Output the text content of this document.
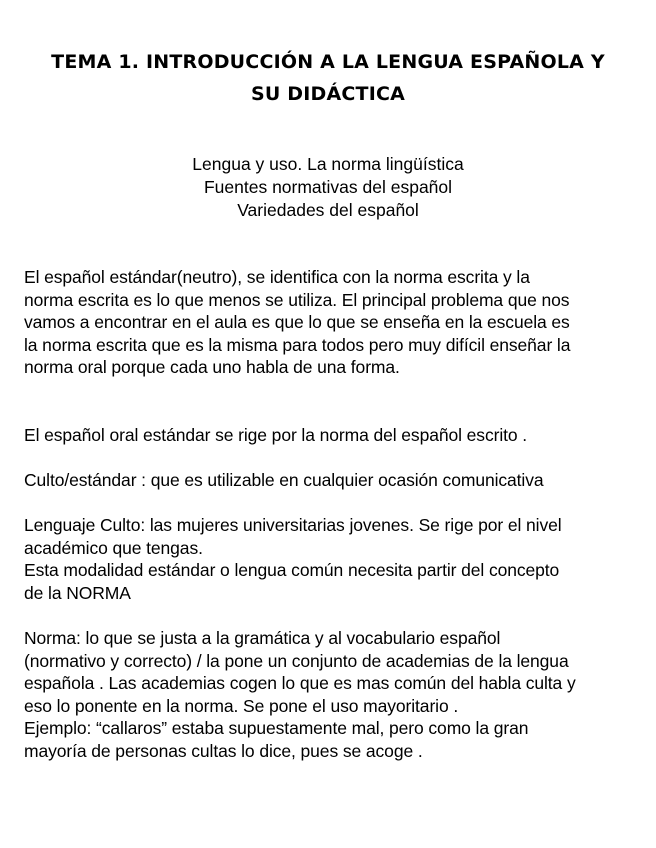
TEMA 1. INTRODUCCIÓN A LA LENGUA ESPAÑOLA Y
SU DIDÁCTICA
Lengua y uso. La norma lingüística
Fuentes normativas del español
Variedades del español

El español estándar(neutro), se identifica con la norma escrita y la
norma escrita es lo que menos se utiliza. El principal problema que nos
vamos a encontrar en el aula es que lo que se enseña en la escuela es
la norma escrita que es la misma para todos pero muy difícil enseñar la
norma oral porque cada uno habla de una forma.

El español oral estándar se rige por la norma del español escrito .

Culto/estándar : que es utilizable en cualquier ocasión comunicativa

Lenguaje Culto: las mujeres universitarias jovenes. Se rige por el nivel
académico que tengas.
Esta modalidad estándar o lengua común necesita partir del concepto
de la NORMA

Norma: lo que se justa a la gramática y al vocabulario español
(normativo y correcto) / la pone un conjunto de academias de la lengua
española . Las academias cogen lo que es mas común del habla culta y
eso lo ponente en la norma. Se pone el uso mayoritario .
Ejemplo: “callaros” estaba supuestamente mal, pero como la gran
mayoría de personas cultas lo dice, pues se acoge .
